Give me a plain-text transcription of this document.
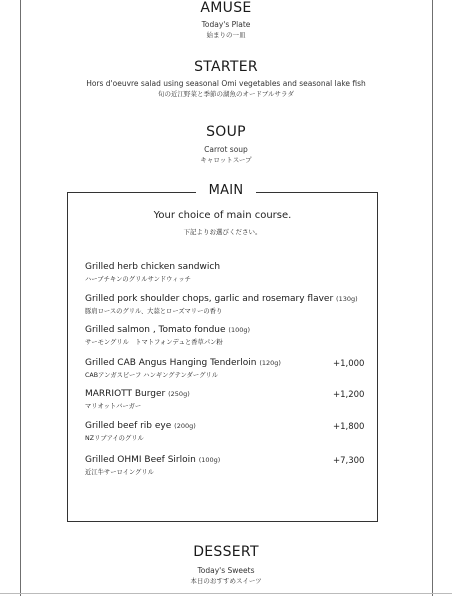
AMUSE
Today's Plate
始まりの一皿
STARTER
Hors d'oeuvre salad using seasonal Omi vegetables and seasonal lake fish
旬の近江野菜と季節の湖魚のオードブルサラダ
SOUP
Carrot soup
キャロットスープ
MAIN
Your choice of main course.
下記よりお選びください。
Grilled herb chicken sandwich
ハーブチキンのグリルサンドウィッチ
Grilled pork shoulder chops, garlic and rosemary flaver (130g)
豚肩ロースのグリル、大蒜とローズマリーの香り
Grilled salmon , Tomato fondue (100g)
サーモングリル　トマトフォンデュと香草パン粉
Grilled CAB Angus Hanging Tenderloin (120g)
CABアンガスビーフ ハンギングテンダーグリル
+1,000
MARRIOTT Burger (250g)
マリオットバーガー
+1,200
Grilled beef rib eye (200g)
NZリブアイのグリル
+1,800
Grilled OHMI Beef Sirloin (100g)
近江牛サーロイングリル
+7,300
DESSERT
Today's Sweets
本日のおすすめスイーツ
